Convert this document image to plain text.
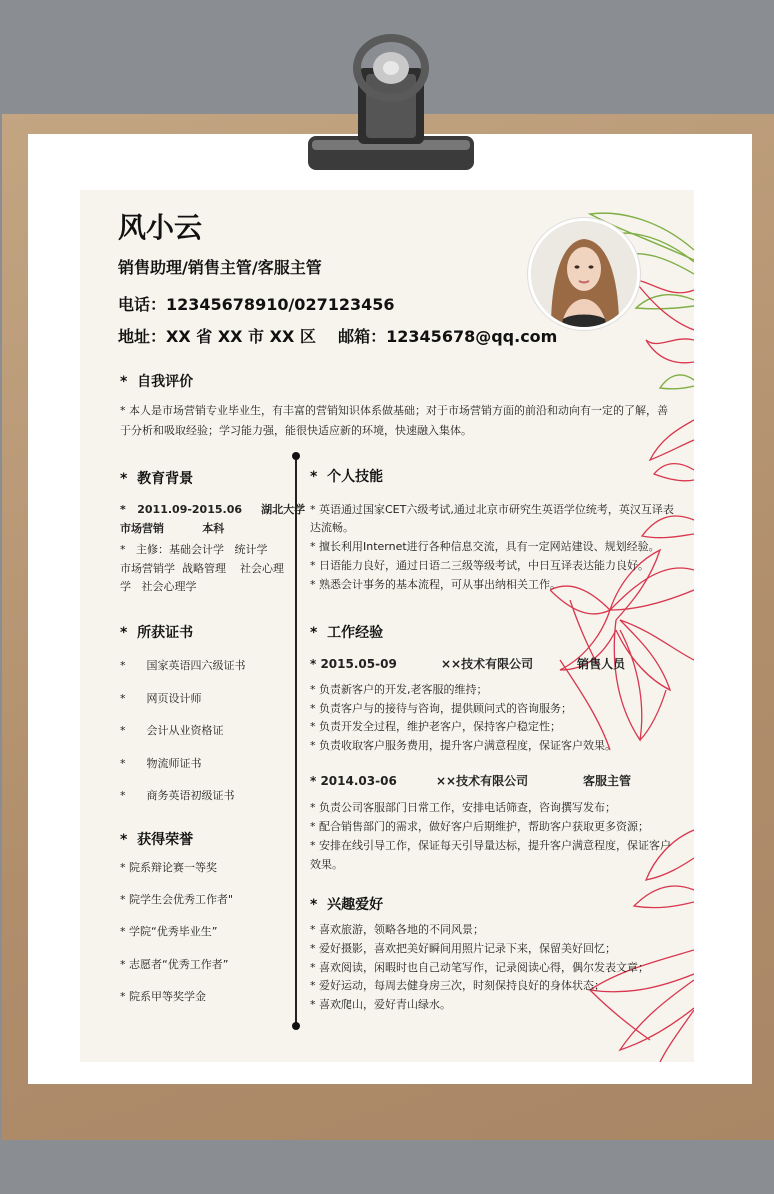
风小云
销售助理/销售主管/客服主管
电话：12345678910/027123456
地址：XX 省 XX 市 XX 区    邮箱：12345678@qq.com
*  自我评价
* 本人是市场营销专业毕业生，有丰富的营销知识体系做基础；对于市场营销方面的前沿和动向有一定的了解，善
于分析和吸取经验；学习能力强，能很快适应新的环境，快速融入集体。
*  教育背景
*   2011.09-2015.06     湖北大学
市场营销          本科
*   主修：基础会计学   统计学
市场营销学  战略管理    社会心理
学   社会心理学
*  所获证书
*      国家英语四六级证书
*      网页设计师
*      会计从业资格证
*      物流师证书
*      商务英语初级证书
*  获得荣誉
* 院系辩论赛一等奖
* 院学生会优秀工作者"
* 学院“优秀毕业生”
* 志愿者“优秀工作者”
* 院系甲等奖学金
*  个人技能
* 英语通过国家CET六级考试,通过北京市研究生英语学位统考，英汉互译表
达流畅。
* 擅长利用Internet进行各种信息交流，具有一定网站建设、规划经验。
* 日语能力良好，通过日语二三级等级考试，中日互译表达能力良好。
* 熟悉会计事务的基本流程，可从事出纳相关工作。
*  工作经验
* 2015.05-09	××技术有限公司	销售人员
* 负责新客户的开发,老客服的维持；
* 负责客户与的接待与咨询，提供顾问式的咨询服务；
* 负责开发全过程，维护老客户，保持客户稳定性；
* 负责收取客户服务费用，提升客户满意程度，保证客户效果。
* 2014.03-06	××技术有限公司	客服主管
* 负责公司客服部门日常工作，安排电话筛查，咨询撰写发布；
* 配合销售部门的需求，做好客户后期维护，帮助客户获取更多资源；
* 安排在线引导工作，保证每天引导量达标，提升客户满意程度，保证客户
效果。
*  兴趣爱好
* 喜欢旅游，领略各地的不同风景；
* 爱好摄影，喜欢把美好瞬间用照片记录下来，保留美好回忆；
* 喜欢阅读，闲暇时也自己动笔写作，记录阅读心得，偶尔发表文章；
* 爱好运动，每周去健身房三次，时刻保持良好的身体状态；
* 喜欢爬山，爱好青山绿水。
